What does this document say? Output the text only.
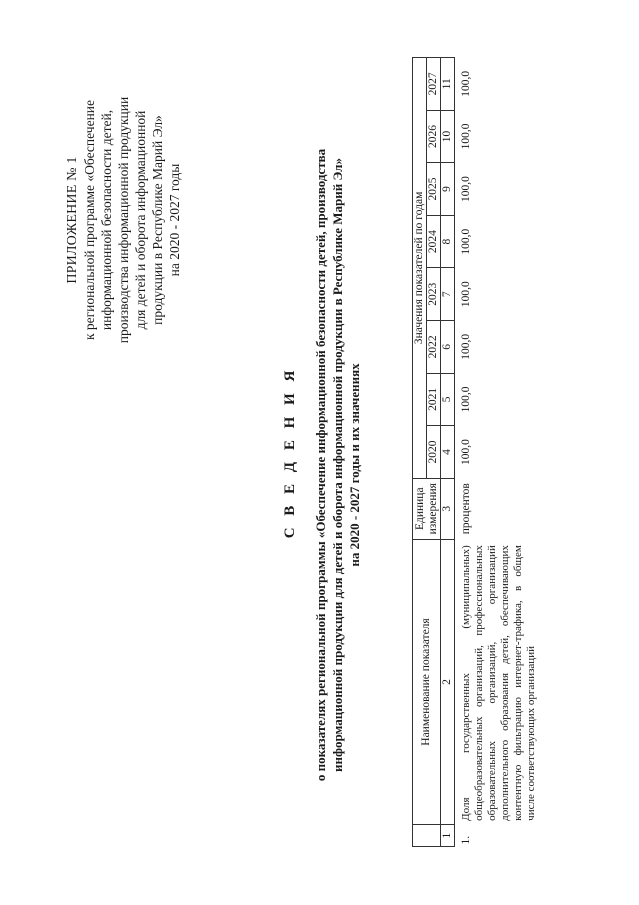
ПРИЛОЖЕНИЕ № 1 к региональной программе «Обеспечение информационной безопасности детей, производства информационной продукции для детей и оборота информационной продукции в Республике Марий Эл» на 2020 - 2027 годы
С В Е Д Е Н И Я о показателях региональной программы «Обеспечение информационной безопасности детей, производства информационной продукции для детей и оборота информационной продукции в Республике Марий Эл» на 2020 - 2027 годы и их значениях
	Наименование показателя	Единица измерения	Значения показателей по годам							
			2020	2021	2022	2023	2024	2025	2026	2027
1	2	3	4	5	6	7	8	9	10	11
1.	Доля государственных (муниципальных) общеобразовательных организаций, профессиональных образовательных организаций, организаций дополнительного образования детей, обеспечивающих контентную фильтрацию интернет-трафика, в общем числе соответствующих организаций	процентов	100,0	100,0	100,0	100,0	100,0	100,0	100,0	100,0
